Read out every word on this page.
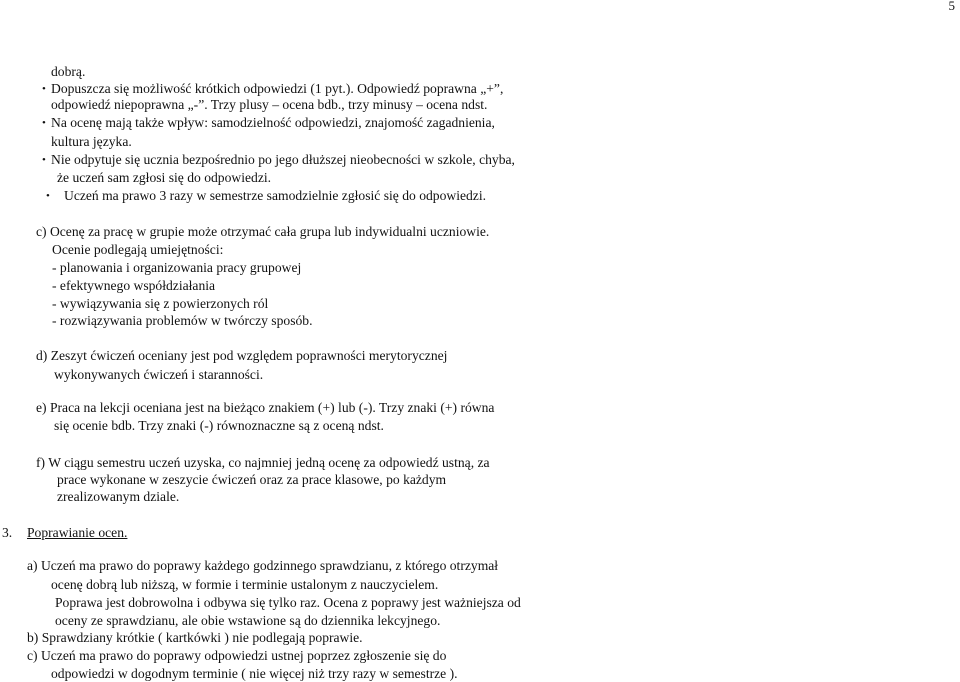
5
dobrą.
• Dopuszcza się możliwość krótkich odpowiedzi (1 pyt.). Odpowiedź poprawna „+”,
odpowiedź niepoprawna „-”. Trzy plusy – ocena bdb., trzy minusy – ocena ndst.
• Na ocenę mają także wpływ: samodzielność odpowiedzi, znajomość zagadnienia,
kultura języka.
• Nie odpytuje się ucznia bezpośrednio po jego dłuższej nieobecności w szkole, chyba,
że uczeń sam zgłosi się do odpowiedzi.
• Uczeń ma prawo 3 razy w semestrze samodzielnie zgłosić się do odpowiedzi.
c) Ocenę za pracę w grupie może otrzymać cała grupa lub indywidualni uczniowie.
Ocenie podlegają umiejętności:
- planowania i organizowania pracy grupowej
- efektywnego współdziałania
- wywiązywania się z powierzonych ról
- rozwiązywania problemów w twórczy sposób.
d) Zeszyt ćwiczeń oceniany jest pod względem poprawności merytorycznej
wykonywanych ćwiczeń i staranności.
e) Praca na lekcji oceniana jest na bieżąco znakiem (+) lub (-). Trzy znaki (+) równa
się ocenie bdb. Trzy znaki (-) równoznaczne są z oceną ndst.
f) W ciągu semestru uczeń uzyska, co najmniej jedną ocenę za odpowiedź ustną, za
prace wykonane w zeszycie ćwiczeń oraz za prace klasowe, po każdym
zrealizowanym dziale.
3. Poprawianie ocen.
a) Uczeń ma prawo do poprawy każdego godzinnego sprawdzianu, z którego otrzymał
ocenę dobrą lub niższą, w formie i terminie ustalonym z nauczycielem.
Poprawa jest dobrowolna i odbywa się tylko raz. Ocena z poprawy jest ważniejsza od
oceny ze sprawdzianu, ale obie wstawione są do dziennika lekcyjnego.
b) Sprawdziany krótkie ( kartkówki ) nie podlegają poprawie.
c) Uczeń ma prawo do poprawy odpowiedzi ustnej poprzez zgłoszenie się do
odpowiedzi w dogodnym terminie ( nie więcej niż trzy razy w semestrze ).
